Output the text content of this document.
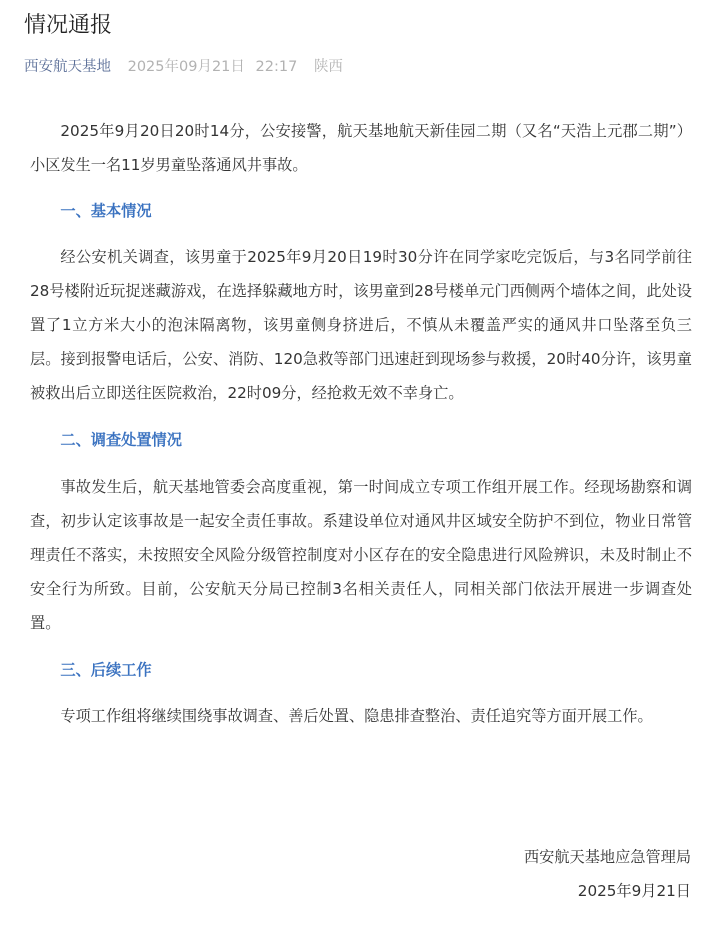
情况通报
西安航天基地 2025年09月21日 22:17 陕西

2025年9月20日20时14分，公安接警，航天基地航天新佳园二期（又名“天浩上元郡二期”）小区发生一名11岁男童坠落通风井事故。

一、基本情况

经公安机关调查，该男童于2025年9月20日19时30分许在同学家吃完饭后，与3名同学前往28号楼附近玩捉迷藏游戏，在选择躲藏地方时，该男童到28号楼单元门西侧两个墙体之间，此处设置了1立方米大小的泡沫隔离物，该男童侧身挤进后，不慎从未覆盖严实的通风井口坠落至负三层。接到报警电话后，公安、消防、120急救等部门迅速赶到现场参与救援，20时40分许，该男童被救出后立即送往医院救治，22时09分，经抢救无效不幸身亡。

二、调查处置情况

事故发生后，航天基地管委会高度重视，第一时间成立专项工作组开展工作。经现场勘察和调查，初步认定该事故是一起安全责任事故。系建设单位对通风井区域安全防护不到位，物业日常管理责任不落实，未按照安全风险分级管控制度对小区存在的安全隐患进行风险辨识，未及时制止不安全行为所致。目前，公安航天分局已控制3名相关责任人，同相关部门依法开展进一步调查处置。

三、后续工作

专项工作组将继续围绕事故调查、善后处置、隐患排查整治、责任追究等方面开展工作。

西安航天基地应急管理局
2025年9月21日
